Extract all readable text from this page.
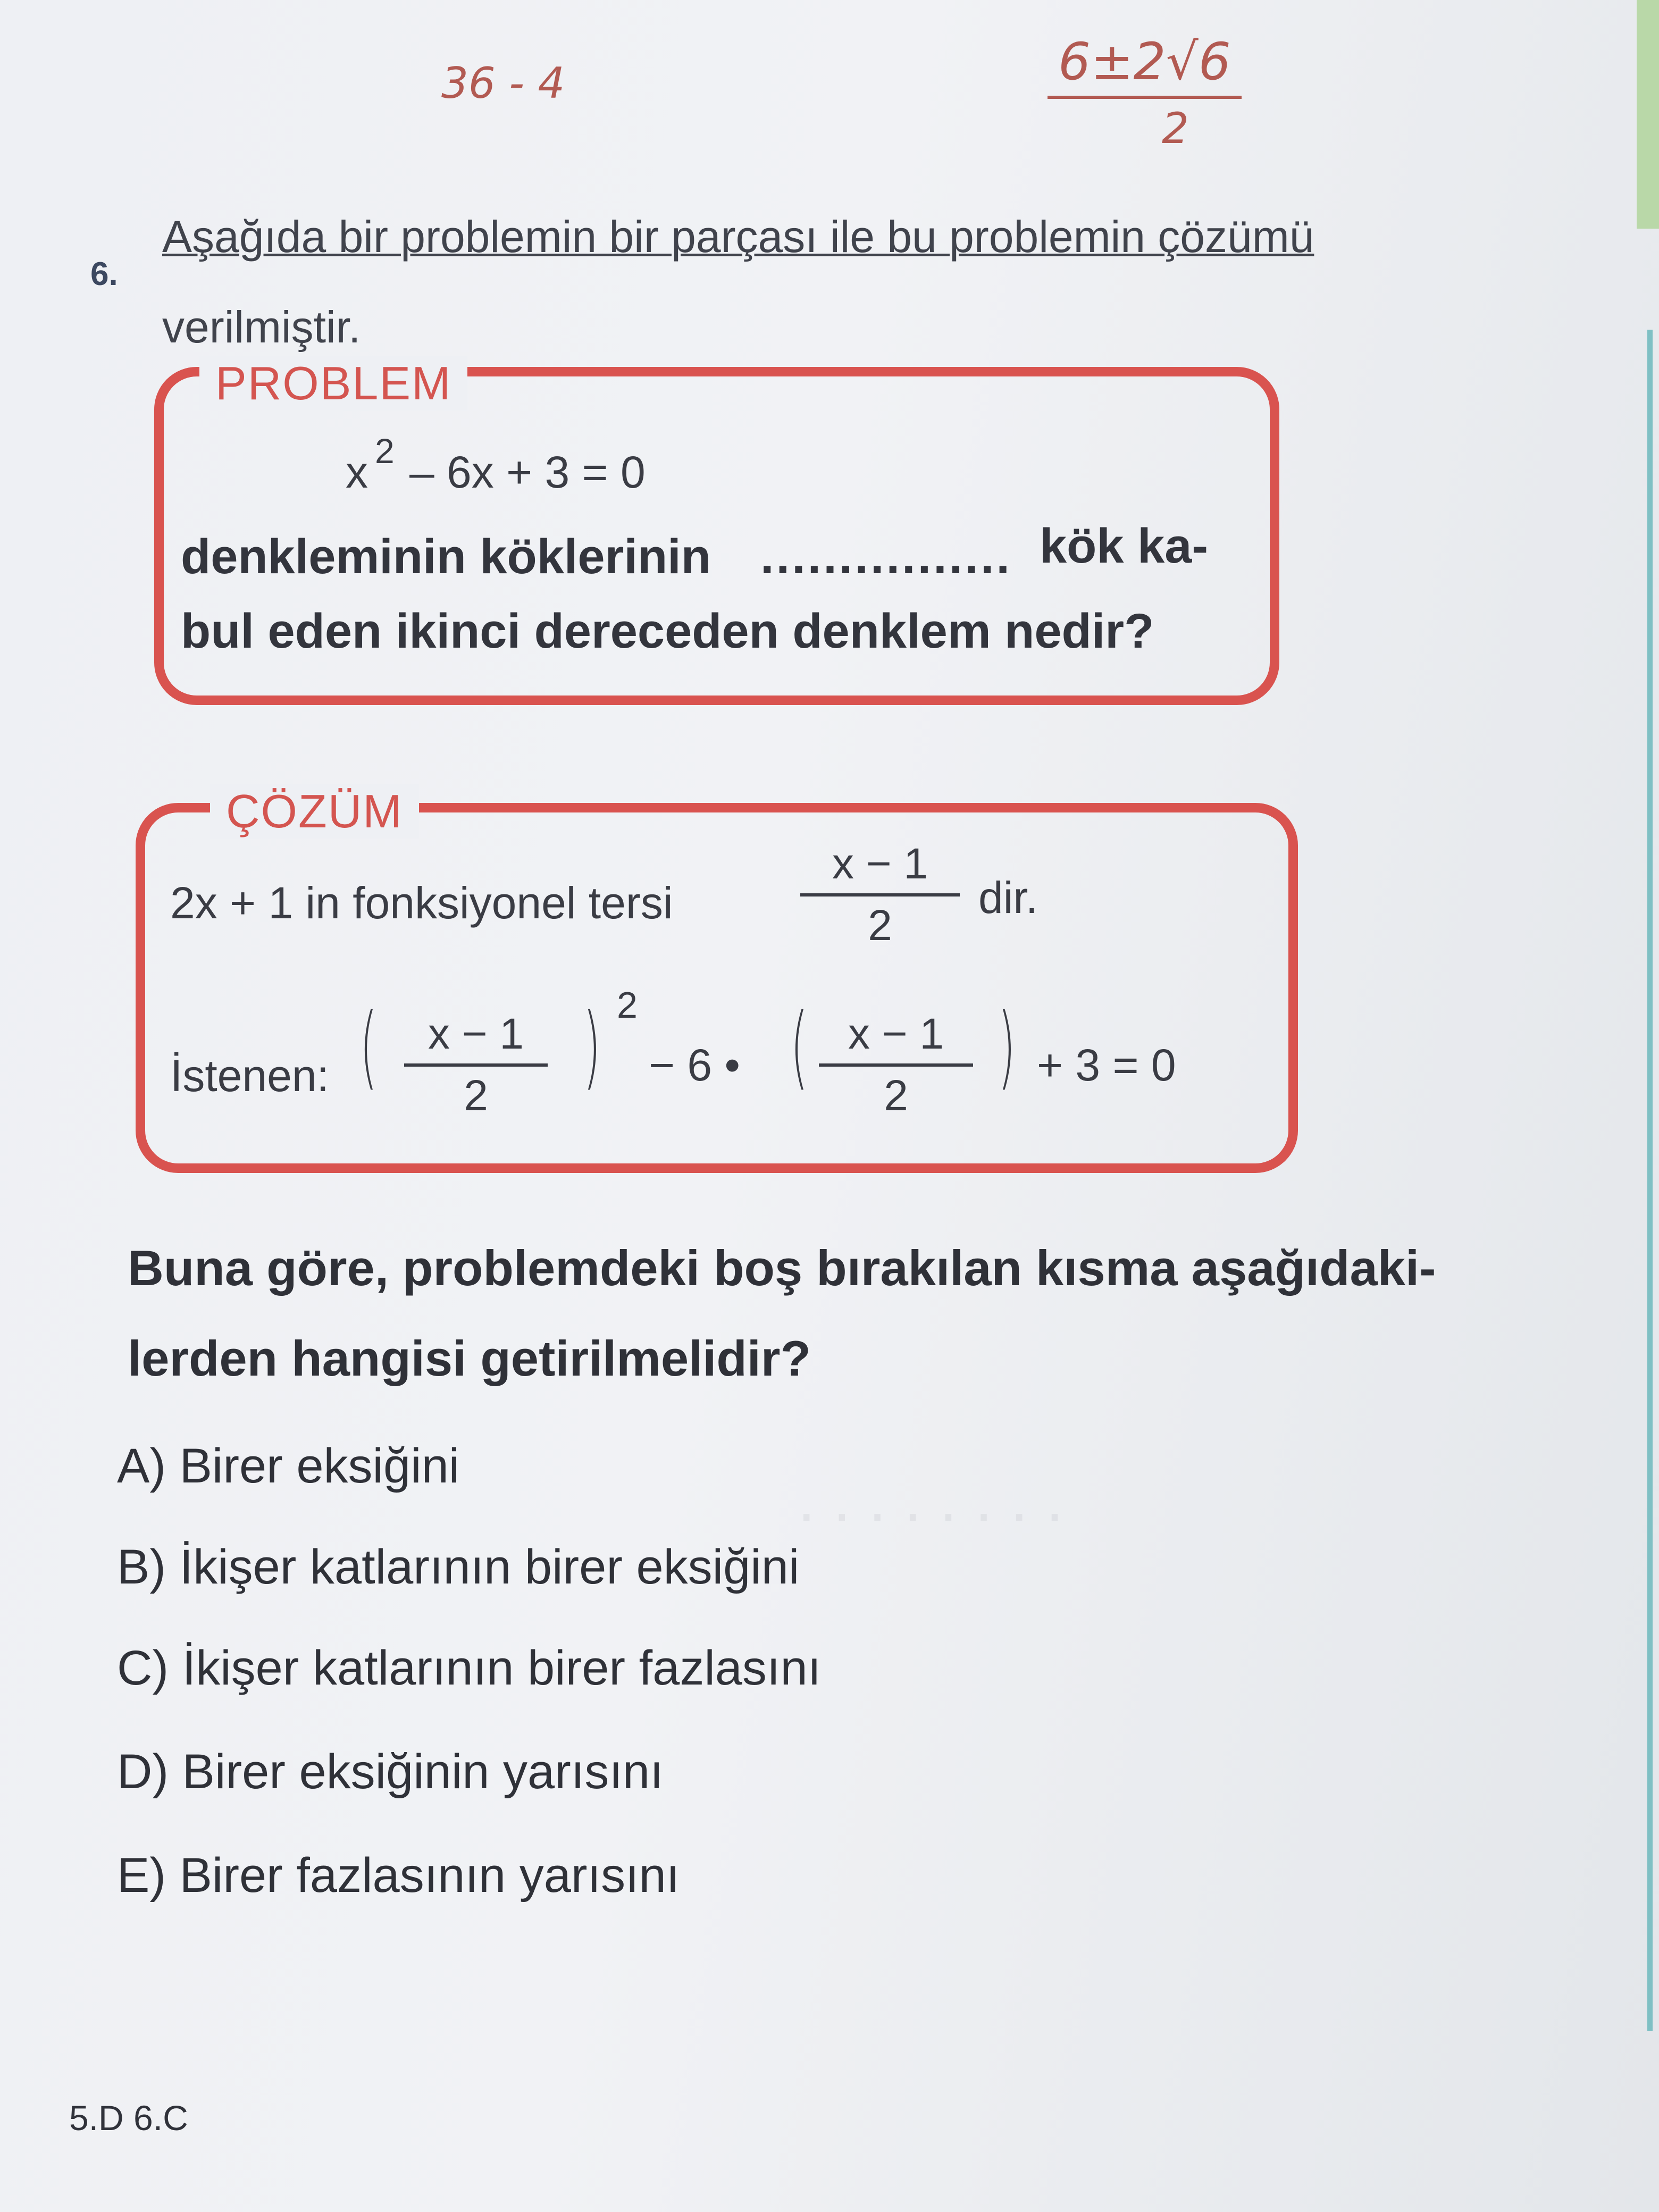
. . . . . . . .
36 - 4	6±2√6
2
6.
Aşağıda bir problemin bir parçası ile bu problemin çözümü
verilmiştir.
PROBLEM
x 2 – 6x + 3 = 0
denkleminin köklerinin ................ kök ka-
bul eden ikinci dereceden denklem nedir?
ÇÖZÜM
2x + 1 in fonksiyonel tersi	$\frac{x - 1}{2}$ dir.
İstenen: ( $\frac{x - 1}{2}$ ) 2
− 6 • ( $\frac{x - 1}{2}$ ) + 3 = 0
Buna göre, problemdeki boş bırakılan kısma aşağıdaki-
lerden hangisi getirilmelidir?
A) Birer eksiğini
B) İkişer katlarının birer eksiğini
C) İkişer katlarının birer fazlasını
D) Birer eksiğinin yarısını
E) Birer fazlasının yarısını
5.D 6.C
